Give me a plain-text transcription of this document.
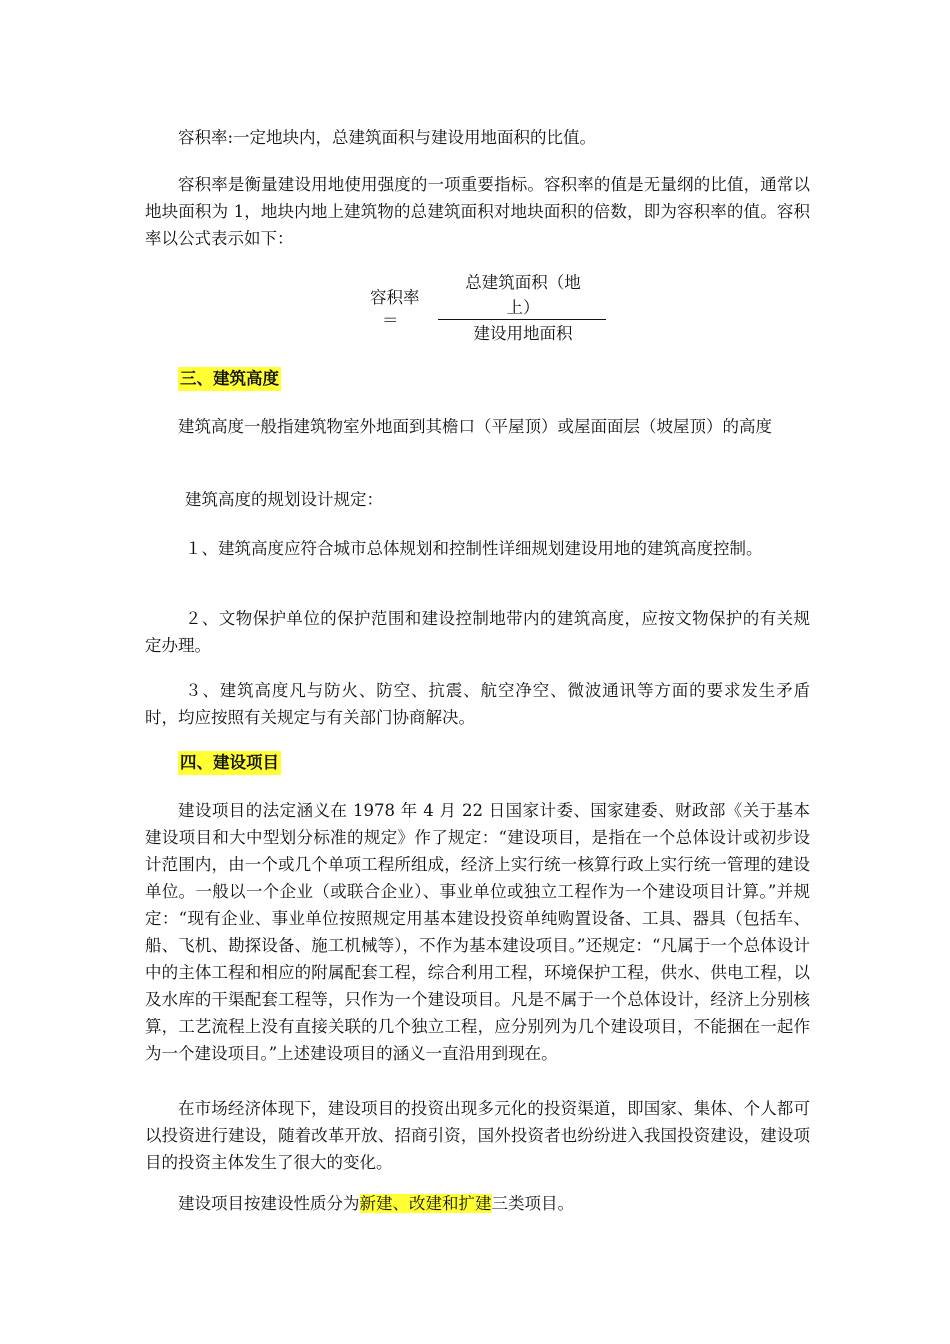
容积率:一定地块内，总建筑面积与建设用地面积的比值。

容积率是衡量建设用地使用强度的一项重要指标。容积率的值是无量纲的比值，通常以地块面积为 1，地块内地上建筑物的总建筑面积对地块面积的倍数，即为容积率的值。容积率以公式表示如下：

容积率
＝
总建筑面积（地
上）
建设用地面积
三、建筑高度

建筑高度一般指建筑物室外地面到其檐口（平屋顶）或屋面面层（坡屋顶）的高度

建筑高度的规划设计规定：

１、建筑高度应符合城市总体规划和控制性详细规划建设用地的建筑高度控制。

２、文物保护单位的保护范围和建设控制地带内的建筑高度，应按文物保护的有关规定办理。

３、建筑高度凡与防火、防空、抗震、航空净空、微波通讯等方面的要求发生矛盾时，均应按照有关规定与有关部门协商解决。

四、建设项目

建设项目的法定涵义在 1978 年 4 月 22 日国家计委、国家建委、财政部《关于基本建设项目和大中型划分标准的规定》作了规定：“建设项目，是指在一个总体设计或初步设计范围内，由一个或几个单项工程所组成，经济上实行统一核算行政上实行统一管理的建设单位。一般以一个企业（或联合企业）、事业单位或独立工程作为一个建设项目计算。”并规定：“现有企业、事业单位按照规定用基本建设投资单纯购置设备、工具、器具（包括车、船、飞机、勘探设备、施工机械等），不作为基本建设项目。”还规定：“凡属于一个总体设计中的主体工程和相应的附属配套工程，综合利用工程，环境保护工程，供水、供电工程，以及水库的干渠配套工程等，只作为一个建设项目。凡是不属于一个总体设计，经济上分别核算，工艺流程上没有直接关联的几个独立工程，应分别列为几个建设项目，不能捆在一起作为一个建设项目。”上述建设项目的涵义一直沿用到现在。

在市场经济体现下，建设项目的投资出现多元化的投资渠道，即国家、集体、个人都可以投资进行建设，随着改革开放、招商引资，国外投资者也纷纷进入我国投资建设，建设项目的投资主体发生了很大的变化。

建设项目按建设性质分为新建、改建和扩建三类项目。
